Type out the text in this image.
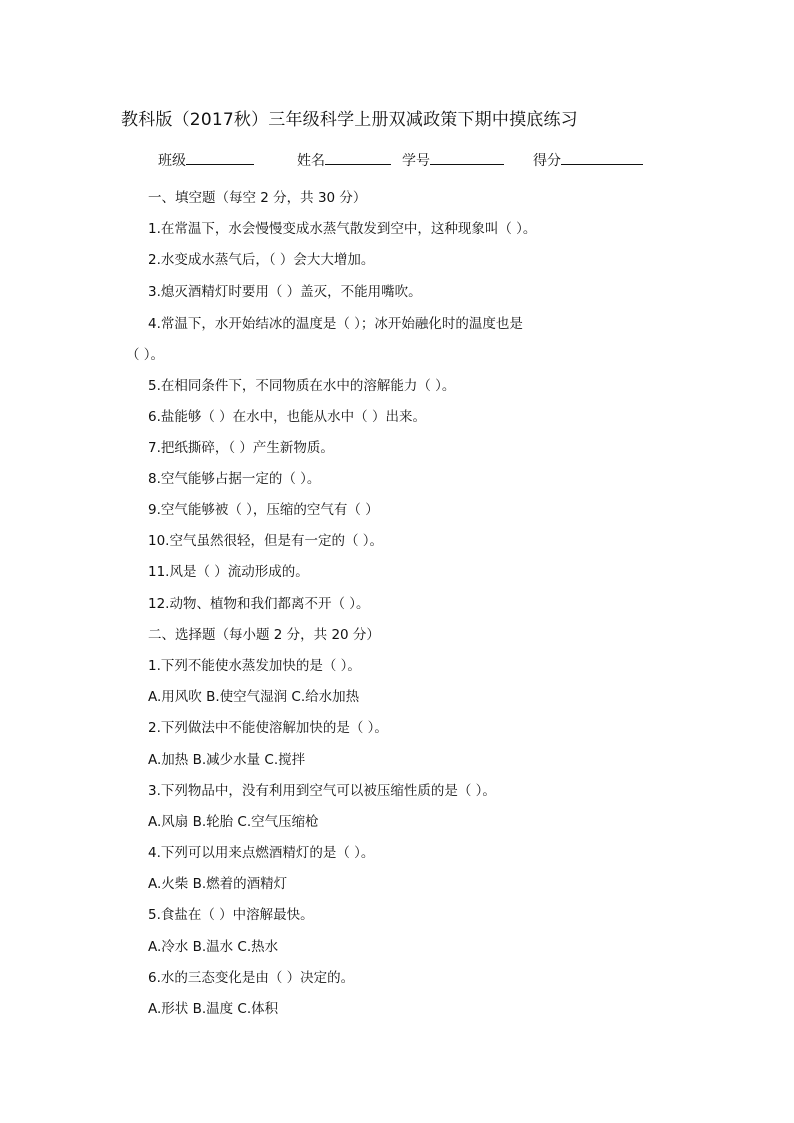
教科版（2017秋）三年级科学上册双减政策下期中摸底练习
班级	姓名	学号	得分
一、填空题（每空 2 分，共 30 分）
1.在常温下，水会慢慢变成水蒸气散发到空中，这种现象叫（ ）。
2.水变成水蒸气后，（ ）会大大增加。
3.熄灭酒精灯时要用（ ）盖灭，不能用嘴吹。
4.常温下，水开始结冰的温度是（ ）；冰开始融化时的温度也是
（ ）。
5.在相同条件下，不同物质在水中的溶解能力（ ）。
6.盐能够（ ）在水中，也能从水中（ ）出来。
7.把纸撕碎，（ ）产生新物质。
8.空气能够占据一定的（ ）。
9.空气能够被（ ），压缩的空气有（ ）
10.空气虽然很轻，但是有一定的（ ）。
11.风是（ ）流动形成的。
12.动物、植物和我们都离不开（ ）。
二、选择题（每小题 2 分，共 20 分）
1.下列不能使水蒸发加快的是（ ）。
A.用风吹 B.使空气湿润 C.给水加热
2.下列做法中不能使溶解加快的是（ ）。
A.加热 B.减少水量 C.搅拌
3.下列物品中，没有利用到空气可以被压缩性质的是（ ）。
A.风扇 B.轮胎 C.空气压缩枪
4.下列可以用来点燃酒精灯的是（ ）。
A.火柴 B.燃着的酒精灯
5.食盐在（ ）中溶解最快。
A.冷水 B.温水 C.热水
6.水的三态变化是由（ ）决定的。
A.形状 B.温度 C.体积
